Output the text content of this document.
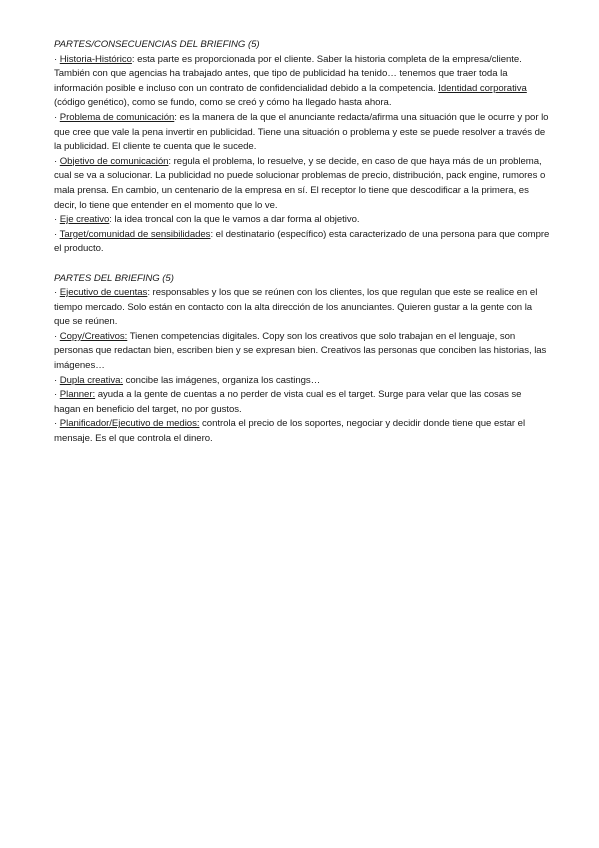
PARTES/CONSECUENCIAS DEL BRIEFING (5)

· Historia-Histórico: esta parte es proporcionada por el cliente. Saber la historia completa de la empresa/cliente. También con que agencias ha trabajado antes, que tipo de publicidad ha tenido… tenemos que traer toda la información posible e incluso con un contrato de confidencialidad debido a la competencia. Identidad corporativa (código genético), como se fundo, como se creó y cómo ha llegado hasta ahora.

· Problema de comunicación: es la manera de la que el anunciante redacta/afirma una situación que le ocurre y por lo que cree que vale la pena invertir en publicidad. Tiene una situación o problema y este se puede resolver a través de la publicidad. El cliente te cuenta que le sucede.

· Objetivo de comunicación: regula el problema, lo resuelve, y se decide, en caso de que haya más de un problema, cual se va a solucionar. La publicidad no puede solucionar problemas de precio, distribución, pack engine, rumores o mala prensa. En cambio, un centenario de la empresa en sí. El receptor lo tiene que descodificar a la primera, es decir, lo tiene que entender en el momento que lo ve.

· Eje creativo: la idea troncal con la que le vamos a dar forma al objetivo.

· Target/comunidad de sensibilidades: el destinatario (específico) esta caracterizado de una persona para que compre el producto.

PARTES DEL BRIEFING (5)

· Ejecutivo de cuentas: responsables y los que se reúnen con los clientes, los que regulan que este se realice en el tiempo mercado. Solo están en contacto con la alta dirección de los anunciantes. Quieren gustar a la gente con la que se reúnen.

· Copy/Creativos: Tienen competencias digitales. Copy son los creativos que solo trabajan en el lenguaje, son personas que redactan bien, escriben bien y se expresan bien. Creativos las personas que conciben las historias, las imágenes…

· Dupla creativa: concibe las imágenes, organiza los castings…

· Planner: ayuda a la gente de cuentas a no perder de vista cual es el target. Surge para velar que las cosas se hagan en beneficio del target, no por gustos.

· Planificador/Ejecutivo de medios: controla el precio de los soportes, negociar y decidir donde tiene que estar el mensaje. Es el que controla el dinero.
